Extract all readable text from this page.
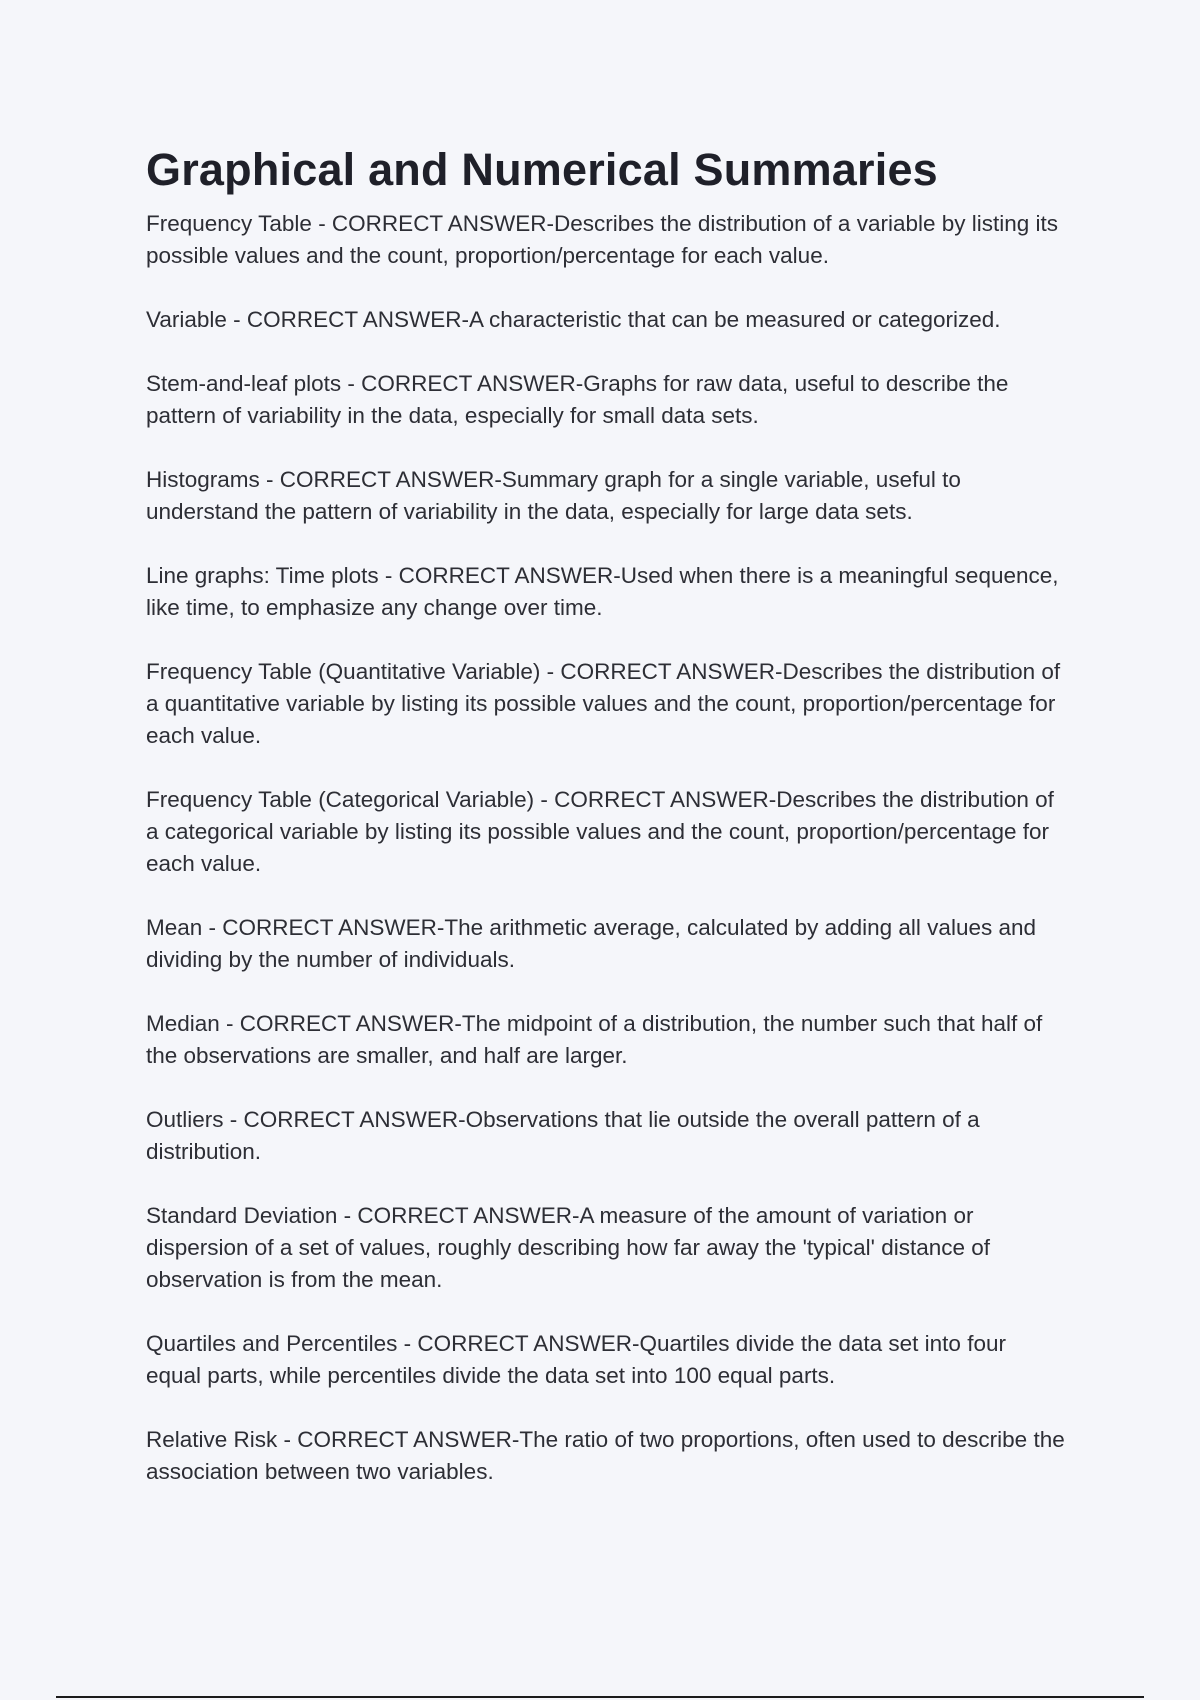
Graphical and Numerical Summaries
Frequency Table - CORRECT ANSWER-Describes the distribution of a variable by listing its possible values and the count, proportion/percentage for each value.
Variable - CORRECT ANSWER-A characteristic that can be measured or categorized.
Stem-and-leaf plots - CORRECT ANSWER-Graphs for raw data, useful to describe the pattern of variability in the data, especially for small data sets.
Histograms - CORRECT ANSWER-Summary graph for a single variable, useful to understand the pattern of variability in the data, especially for large data sets.
Line graphs: Time plots - CORRECT ANSWER-Used when there is a meaningful sequence, like time, to emphasize any change over time.
Frequency Table (Quantitative Variable) - CORRECT ANSWER-Describes the distribution of a quantitative variable by listing its possible values and the count, proportion/percentage for each value.
Frequency Table (Categorical Variable) - CORRECT ANSWER-Describes the distribution of a categorical variable by listing its possible values and the count, proportion/percentage for each value.
Mean - CORRECT ANSWER-The arithmetic average, calculated by adding all values and dividing by the number of individuals.
Median - CORRECT ANSWER-The midpoint of a distribution, the number such that half of the observations are smaller, and half are larger.
Outliers - CORRECT ANSWER-Observations that lie outside the overall pattern of a distribution.
Standard Deviation - CORRECT ANSWER-A measure of the amount of variation or dispersion of a set of values, roughly describing how far away the 'typical' distance of observation is from the mean.
Quartiles and Percentiles - CORRECT ANSWER-Quartiles divide the data set into four equal parts, while percentiles divide the data set into 100 equal parts.
Relative Risk - CORRECT ANSWER-The ratio of two proportions, often used to describe the association between two variables.
